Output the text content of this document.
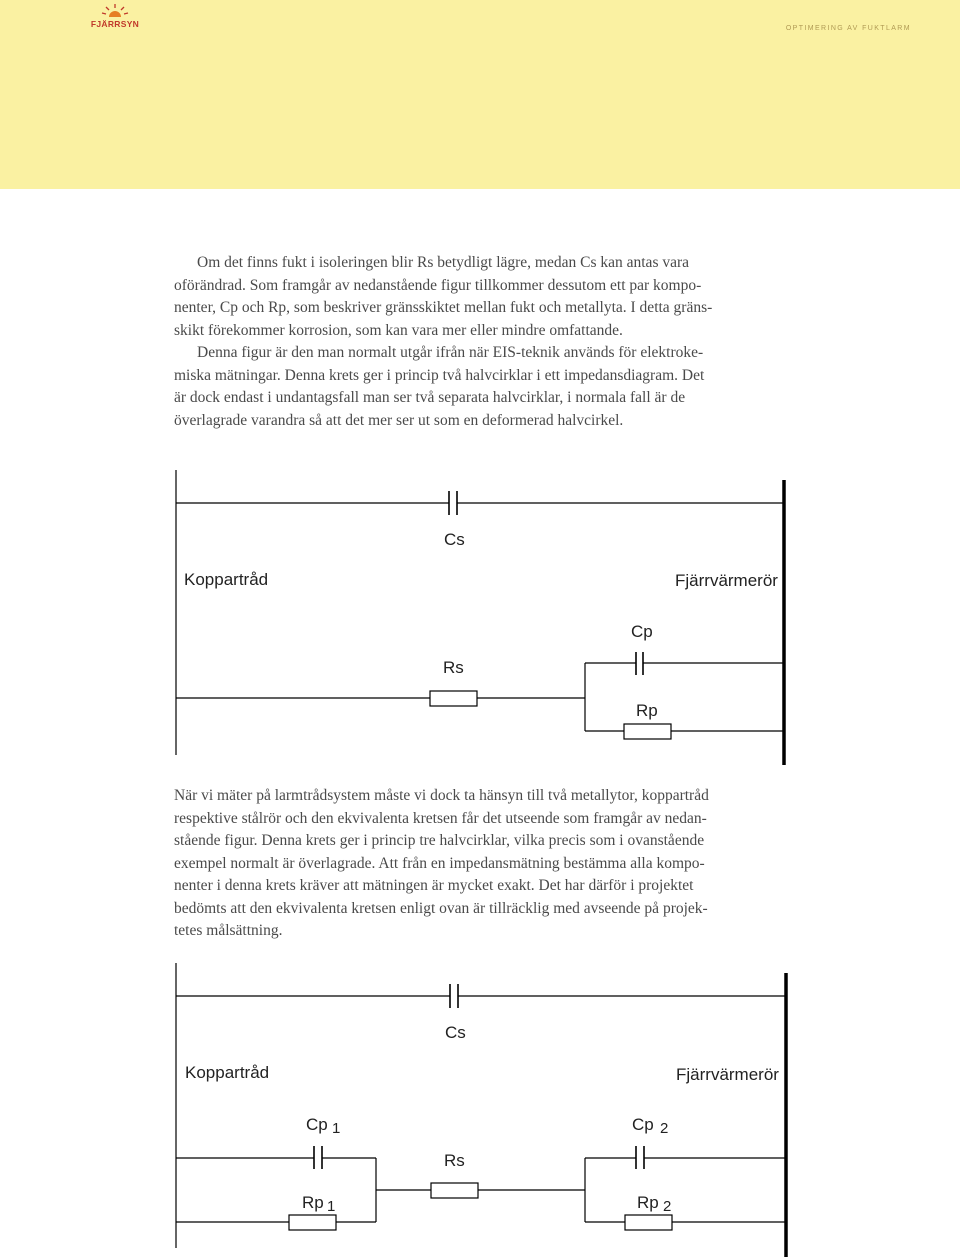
FJÄRRSYN	OPTIMERING AV FUKTLARM
Om det finns fukt i isoleringen blir Rs betydligt lägre, medan Cs kan antas vara
oförändrad. Som framgår av nedanstående figur tillkommer dessutom ett par kompo-
nenter, Cp och Rp, som beskriver gränsskiktet mellan fukt och metallyta. I detta gräns-
skikt förekommer korrosion, som kan vara mer eller mindre omfattande.
Denna figur är den man normalt utgår ifrån när EIS-teknik används för elektroke-
miska mätningar. Denna krets ger i princip två halvcirklar i ett impedansdiagram. Det
är dock endast i undantagsfall man ser två separata halvcirklar, i normala fall är de
överlagrade varandra så att det mer ser ut som en deformerad halvcirkel.
Cs
Koppartråd	Fjärrvärmerör
Cp
Rs
Rp
När vi mäter på larmtrådsystem måste vi dock ta hänsyn till två metallytor, koppartråd
respektive stålrör och den ekvivalenta kretsen får det utseende som framgår av nedan-
stående figur. Denna krets ger i princip tre halvcirklar, vilka precis som i ovanstående
exempel normalt är överlagrade. Att från en impedansmätning bestämma alla kompo-
nenter i denna krets kräver att mätningen är mycket exakt. Det har därför i projektet
bedömts att den ekvivalenta kretsen enligt ovan är tillräcklig med avseende på projek-
tetes målsättning.
Cs
Koppartråd	Fjärrvärmerör
Cp 1
Rs
Cp 2
Rp 1	Rp 2
